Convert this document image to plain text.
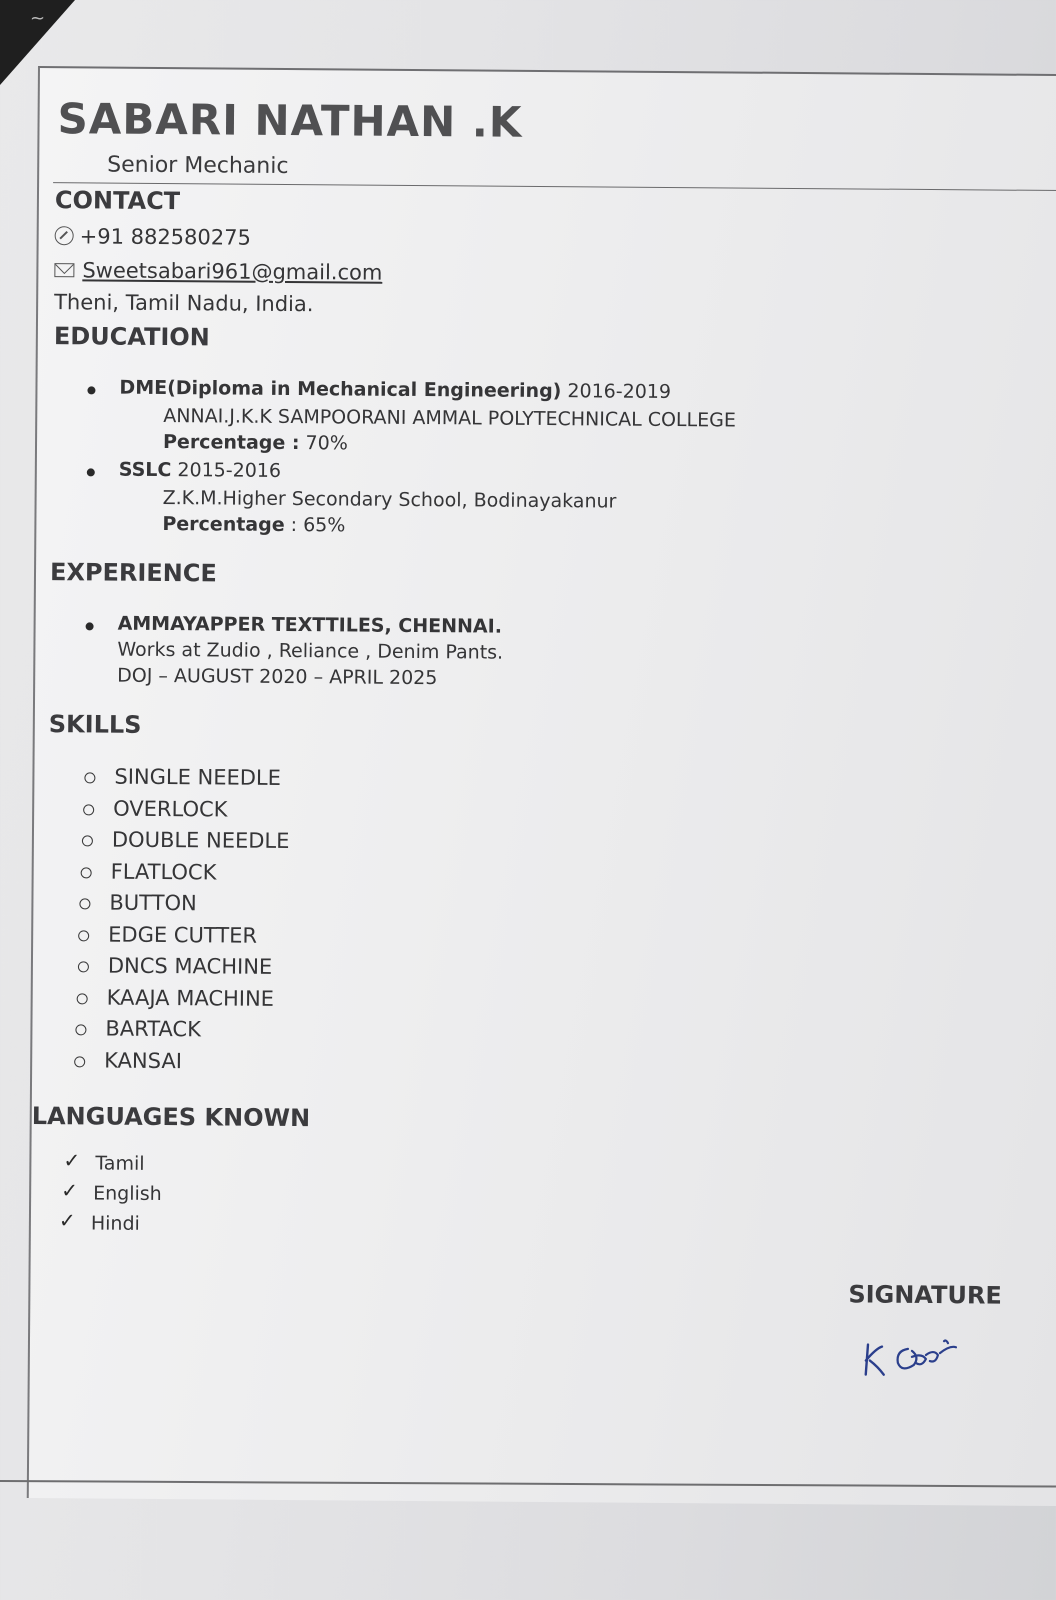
~
SABARI NATHAN .K
Senior Mechanic
CONTACT
+91 882580275
Sweetsabari961@gmail.com
Theni, Tamil Nadu, India.
EDUCATION
DME(Diploma in Mechanical Engineering) 2016-2019
ANNAI.J.K.K SAMPOORANI AMMAL POLYTECHNICAL COLLEGE
Percentage : 70%
SSLC 2015-2016
Z.K.M.Higher Secondary School, Bodinayakanur
Percentage : 65%
EXPERIENCE
AMMAYAPPER TEXTTILES, CHENNAI.
Works at Zudio , Reliance , Denim Pants.
DOJ – AUGUST 2020 – APRIL 2025
SKILLS
SINGLE NEEDLE
OVERLOCK
DOUBLE NEEDLE
FLATLOCK
BUTTON
EDGE CUTTER
DNCS MACHINE
KAAJA MACHINE
BARTACK
KANSAI
LANGUAGES KNOWN
✓ Tamil
✓ English
✓ Hindi
SIGNATURE
